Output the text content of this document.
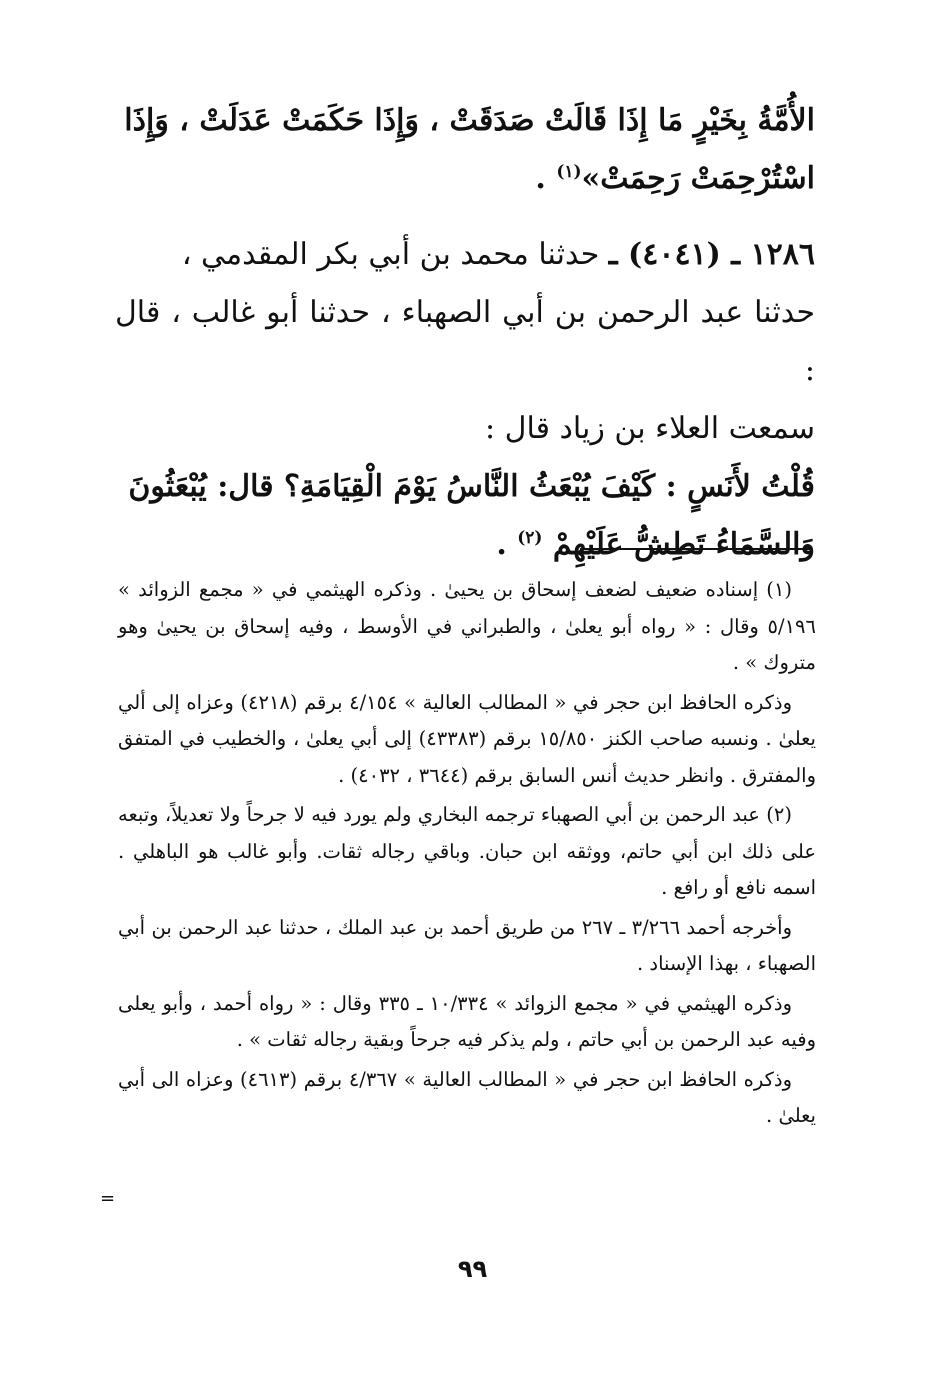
الأُمَّةُ بِخَيْرٍ مَا إِذَا قَالَتْ صَدَقَتْ ، وَإِذَا حَكَمَتْ عَدَلَتْ ، وَإِذَا

اسْتُرْحِمَتْ رَحِمَتْ»$^{(١)}$ .

١٢٨٦ ـ (٤٠٤١) ـ حدثنا محمد بن أبي بكر المقدمي ،

حدثنا عبد الرحمن بن أبي الصهباء ، حدثنا أبو غالب ، قال :

سمعت العلاء بن زياد قال :

قُلْتُ لأَنَسٍ : كَيْفَ يُبْعَثُ النَّاسُ يَوْمَ الْقِيَامَةِ؟ قال: يُبْعَثُونَ

وَالسَّمَاءُ تَطِشُّ عَلَيْهِمْ $^{(٢)}$ .

(١) إسناده ضعيف لضعف إسحاق بن يحيىٰ . وذكره الهيثمي في « مجمع الزوائد » ٥/١٩٦ وقال : « رواه أبو يعلىٰ ، والطبراني في الأوسط ، وفيه إسحاق بن يحيىٰ وهو متروك » .

وذكره الحافظ ابن حجر في « المطالب العالية » ٤/١٥٤ برقم (٤٢١٨) وعزاه إلى ألي يعلىٰ . ونسبه صاحب الكنز ١٥/٨٥٠ برقم (٤٣٣٨٣) إلى أبي يعلىٰ ، والخطيب في المتفق والمفترق . وانظر حديث أنس السابق برقم (٣٦٤٤ ، ٤٠٣٢) .

(٢) عبد الرحمن بن أبي الصهباء ترجمه البخاري ولم يورد فيه لا جرحاً ولا تعديلاً، وتبعه على ذلك ابن أبي حاتم، ووثقه ابن حبان. وباقي رجاله ثقات. وأبو غالب هو الباهلي . اسمه نافع أو رافع .

وأخرجه أحمد ٣/٢٦٦ ـ ٢٦٧ من طريق أحمد بن عبد الملك ، حدثنا عبد الرحمن بن أبي الصهباء ، بهذا الإسناد .

وذكره الهيثمي في « مجمع الزوائد » ١٠/٣٣٤ ـ ٣٣٥ وقال : « رواه أحمد ، وأبو يعلى وفيه عبد الرحمن بن أبي حاتم ، ولم يذكر فيه جرحاً وبقية رجاله ثقات » .

وذكره الحافظ ابن حجر في « المطالب العالية » ٤/٣٦٧ برقم (٤٦١٣) وعزاه الى أبي يعلىٰ .

=
٩٩
